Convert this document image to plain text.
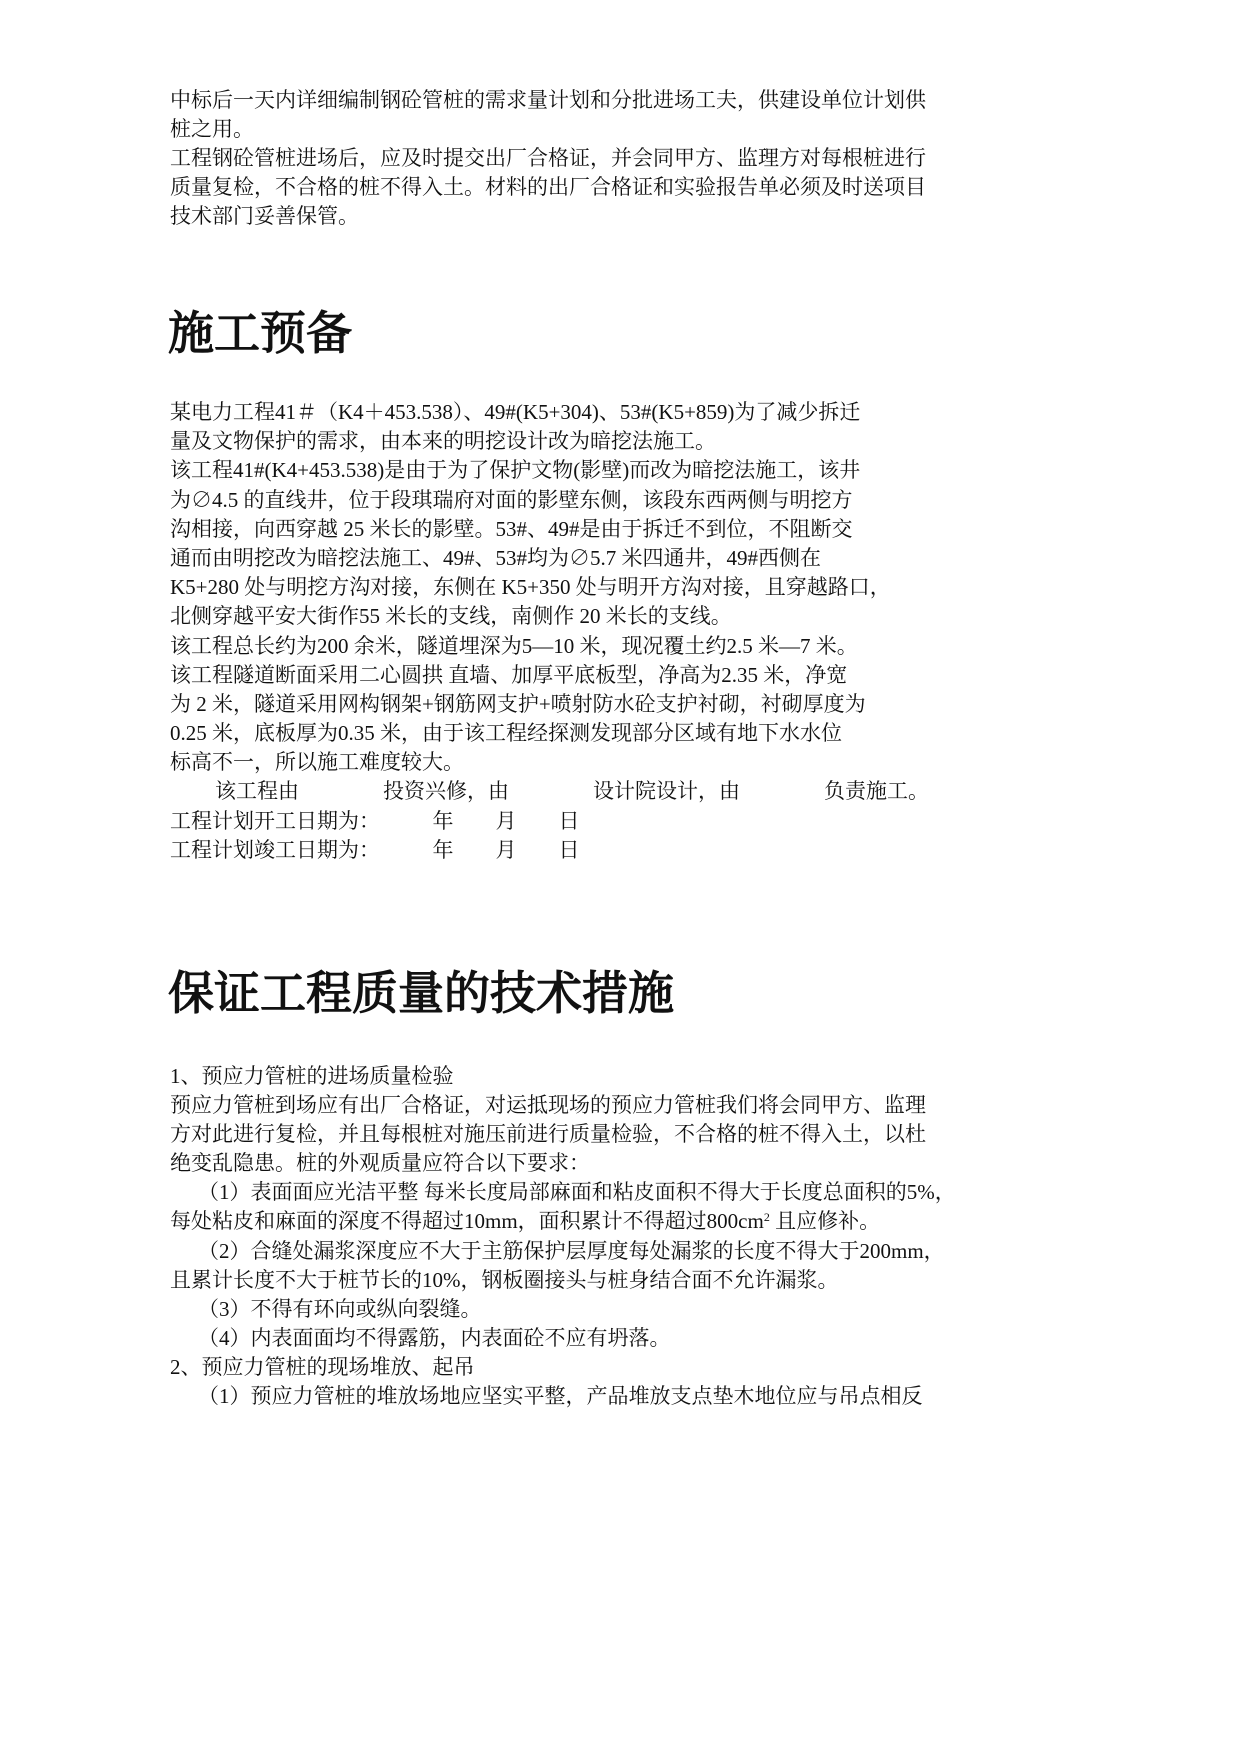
中标后一天内详细编制钢砼管桩的需求量计划和分批进场工夫，供建设单位计划供
桩之用。
工程钢砼管桩进场后，应及时提交出厂合格证，并会同甲方、监理方对每根桩进行
质量复检，不合格的桩不得入土。材料的出厂合格证和实验报告单必须及时送项目
技术部门妥善保管。
施工预备
某电力工程41＃（K4＋453.538）、49#(K5+304)、53#(K5+859)为了减少拆迁
量及文物保护的需求，由本来的明挖设计改为暗挖法施工。
该工程41#(K4+453.538)是由于为了保护文物(影壁)而改为暗挖法施工，该井
为∅4.5 的直线井，位于段琪瑞府对面的影壁东侧，该段东西两侧与明挖方
沟相接，向西穿越 25 米长的影壁。53#、49#是由于拆迁不到位，不阻断交
通而由明挖改为暗挖法施工、49#、53#均为∅5.7 米四通井，49#西侧在
K5+280 处与明挖方沟对接，东侧在 K5+350 处与明开方沟对接，且穿越路口，
北侧穿越平安大街作55 米长的支线，南侧作 20 米长的支线。
该工程总长约为200 余米，隧道埋深为5—10 米，现况覆土约2.5 米—7 米。
该工程隧道断面采用二心圆拱 直墙、加厚平底板型，净高为2.35 米，净宽
为 2 米，隧道采用网构钢架+钢筋网支护+喷射防水砼支护衬砌，衬砌厚度为
0.25 米，底板厚为0.35 米，由于该工程经探测发现部分区域有地下水水位
标高不一，所以施工难度较大。
该工程由　　　　投资兴修，由　　　　设计院设计，由　　　　负责施工。
工程计划开工日期为：　　　年　　月　　日
工程计划竣工日期为：　　　年　　月　　日
保证工程质量的技术措施
1、预应力管桩的进场质量检验
预应力管桩到场应有出厂合格证，对运抵现场的预应力管桩我们将会同甲方、监理
方对此进行复检，并且每根桩对施压前进行质量检验，不合格的桩不得入土，以杜
绝变乱隐患。桩的外观质量应符合以下要求：
（1）表面面应光洁平整 每米长度局部麻面和粘皮面积不得大于长度总面积的5%，
每处粘皮和麻面的深度不得超过10mm，面积累计不得超过$800cm^2$ 且应修补。
（2）合缝处漏浆深度应不大于主筋保护层厚度每处漏浆的长度不得大于200mm，
且累计长度不大于桩节长的10%，钢板圈接头与桩身结合面不允许漏浆。
（3）不得有环向或纵向裂缝。
（4）内表面面均不得露筋，内表面砼不应有坍落。
2、预应力管桩的现场堆放、起吊
（1）预应力管桩的堆放场地应坚实平整，产品堆放支点垫木地位应与吊点相反
